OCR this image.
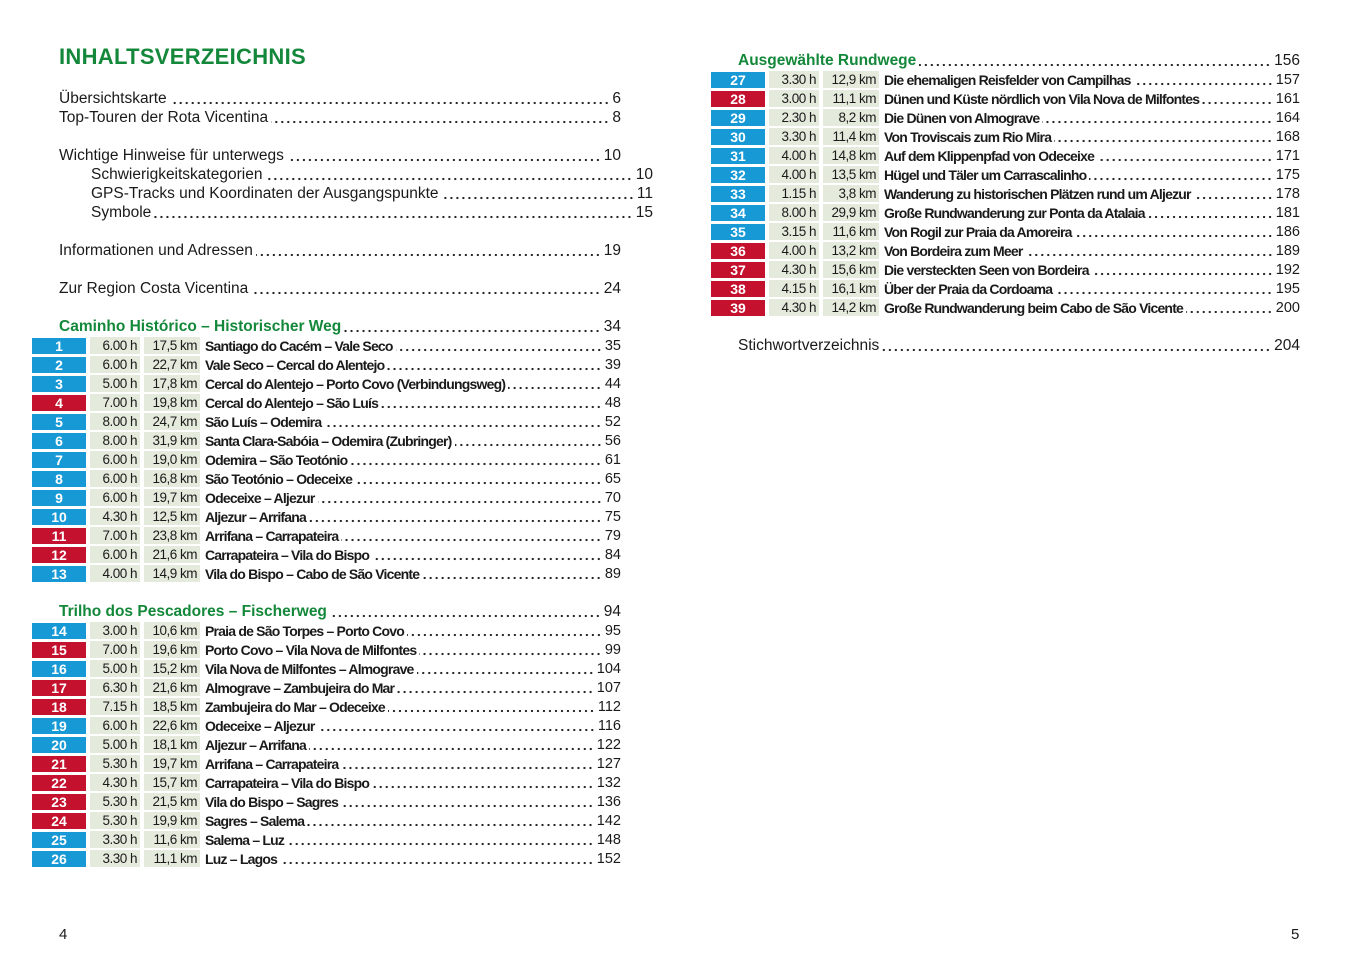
INHALTSVERZEICHNIS
Übersichtskarte	6
Top-Touren der Rota Vicentina	8
Wichtige Hinweise für unterwegs	10
Schwierigkeitskategorien	10
GPS-Tracks und Koordinaten der Ausgangspunkte	11
Symbole	15
Informationen und Adressen	19
Zur Region Costa Vicentina	24
Caminho Histórico – Historischer Weg	34
1	6.00 h	17,5 km Santiago do Cacém – Vale Seco	35
2	6.00 h	22,7 km Vale Seco – Cercal do Alentejo	39
3	5.00 h	17,8 km Cercal do Alentejo – Porto Covo (Verbindungsweg)	44
4	7.00 h	19,8 km Cercal do Alentejo – São Luís	48
5	8.00 h	24,7 km São Luís – Odemira	52
6	8.00 h	31,9 km Santa Clara-Sabóia – Odemira (Zubringer)	56
7	6.00 h	19,0 km Odemira – São Teotónio	61
8	6.00 h	16,8 km São Teotónio – Odeceixe	65
9	6.00 h	19,7 km Odeceixe – Aljezur	70
10	4.30 h	12,5 km Aljezur – Arrifana	75
11	7.00 h	23,8 km Arrifana – Carrapateira	79
12	6.00 h	21,6 km Carrapateira – Vila do Bispo	84
13	4.00 h	14,9 km Vila do Bispo – Cabo de São Vicente	89
Trilho dos Pescadores – Fischerweg	94
14	3.00 h	10,6 km Praia de São Torpes – Porto Covo	95
15	7.00 h	19,6 km Porto Covo – Vila Nova de Milfontes	99
16	5.00 h	15,2 km Vila Nova de Milfontes – Almograve	104
17	6.30 h	21,6 km Almograve – Zambujeira do Mar	107
18	7.15 h	18,5 km Zambujeira do Mar – Odeceixe	112
19	6.00 h	22,6 km Odeceixe – Aljezur	116
20	5.00 h	18,1 km Aljezur – Arrifana	122
21	5.30 h	19,7 km Arrifana – Carrapateira	127
22	4.30 h	15,7 km Carrapateira – Vila do Bispo	132
23	5.30 h	21,5 km Vila do Bispo – Sagres	136
24	5.30 h	19,9 km Sagres – Salema	142
25	3.30 h	11,6 km Salema – Luz	148
26	3.30 h	11,1 km Luz – Lagos	152
4
Ausgewählte Rundwege	156
27	3.30 h	12,9 km Die ehemaligen Reisfelder von Campilhas	157
28	3.00 h	11,1 km Dünen und Küste nördlich von Vila Nova de Milfontes	161
29	2.30 h	8,2 km Die Dünen von Almograve	164
30	3.30 h	11,4 km Von Troviscais zum Rio Mira	168
31	4.00 h	14,8 km Auf dem Klippenpfad von Odeceixe	171
32	4.00 h	13,5 km Hügel und Täler um Carrascalinho	175
33	1.15 h	3,8 km Wanderung zu historischen Plätzen rund um Aljezur	178
34	8.00 h	29,9 km Große Rundwanderung zur Ponta da Atalaia	181
35	3.15 h	11,6 km Von Rogil zur Praia da Amoreira	186
36	4.00 h	13,2 km Von Bordeira zum Meer	189
37	4.30 h	15,6 km Die versteckten Seen von Bordeira	192
38	4.15 h	16,1 km Über der Praia da Cordoama	195
39	4.30 h	14,2 km Große Rundwanderung beim Cabo de São Vicente	200
Stichwortverzeichnis	204
5
